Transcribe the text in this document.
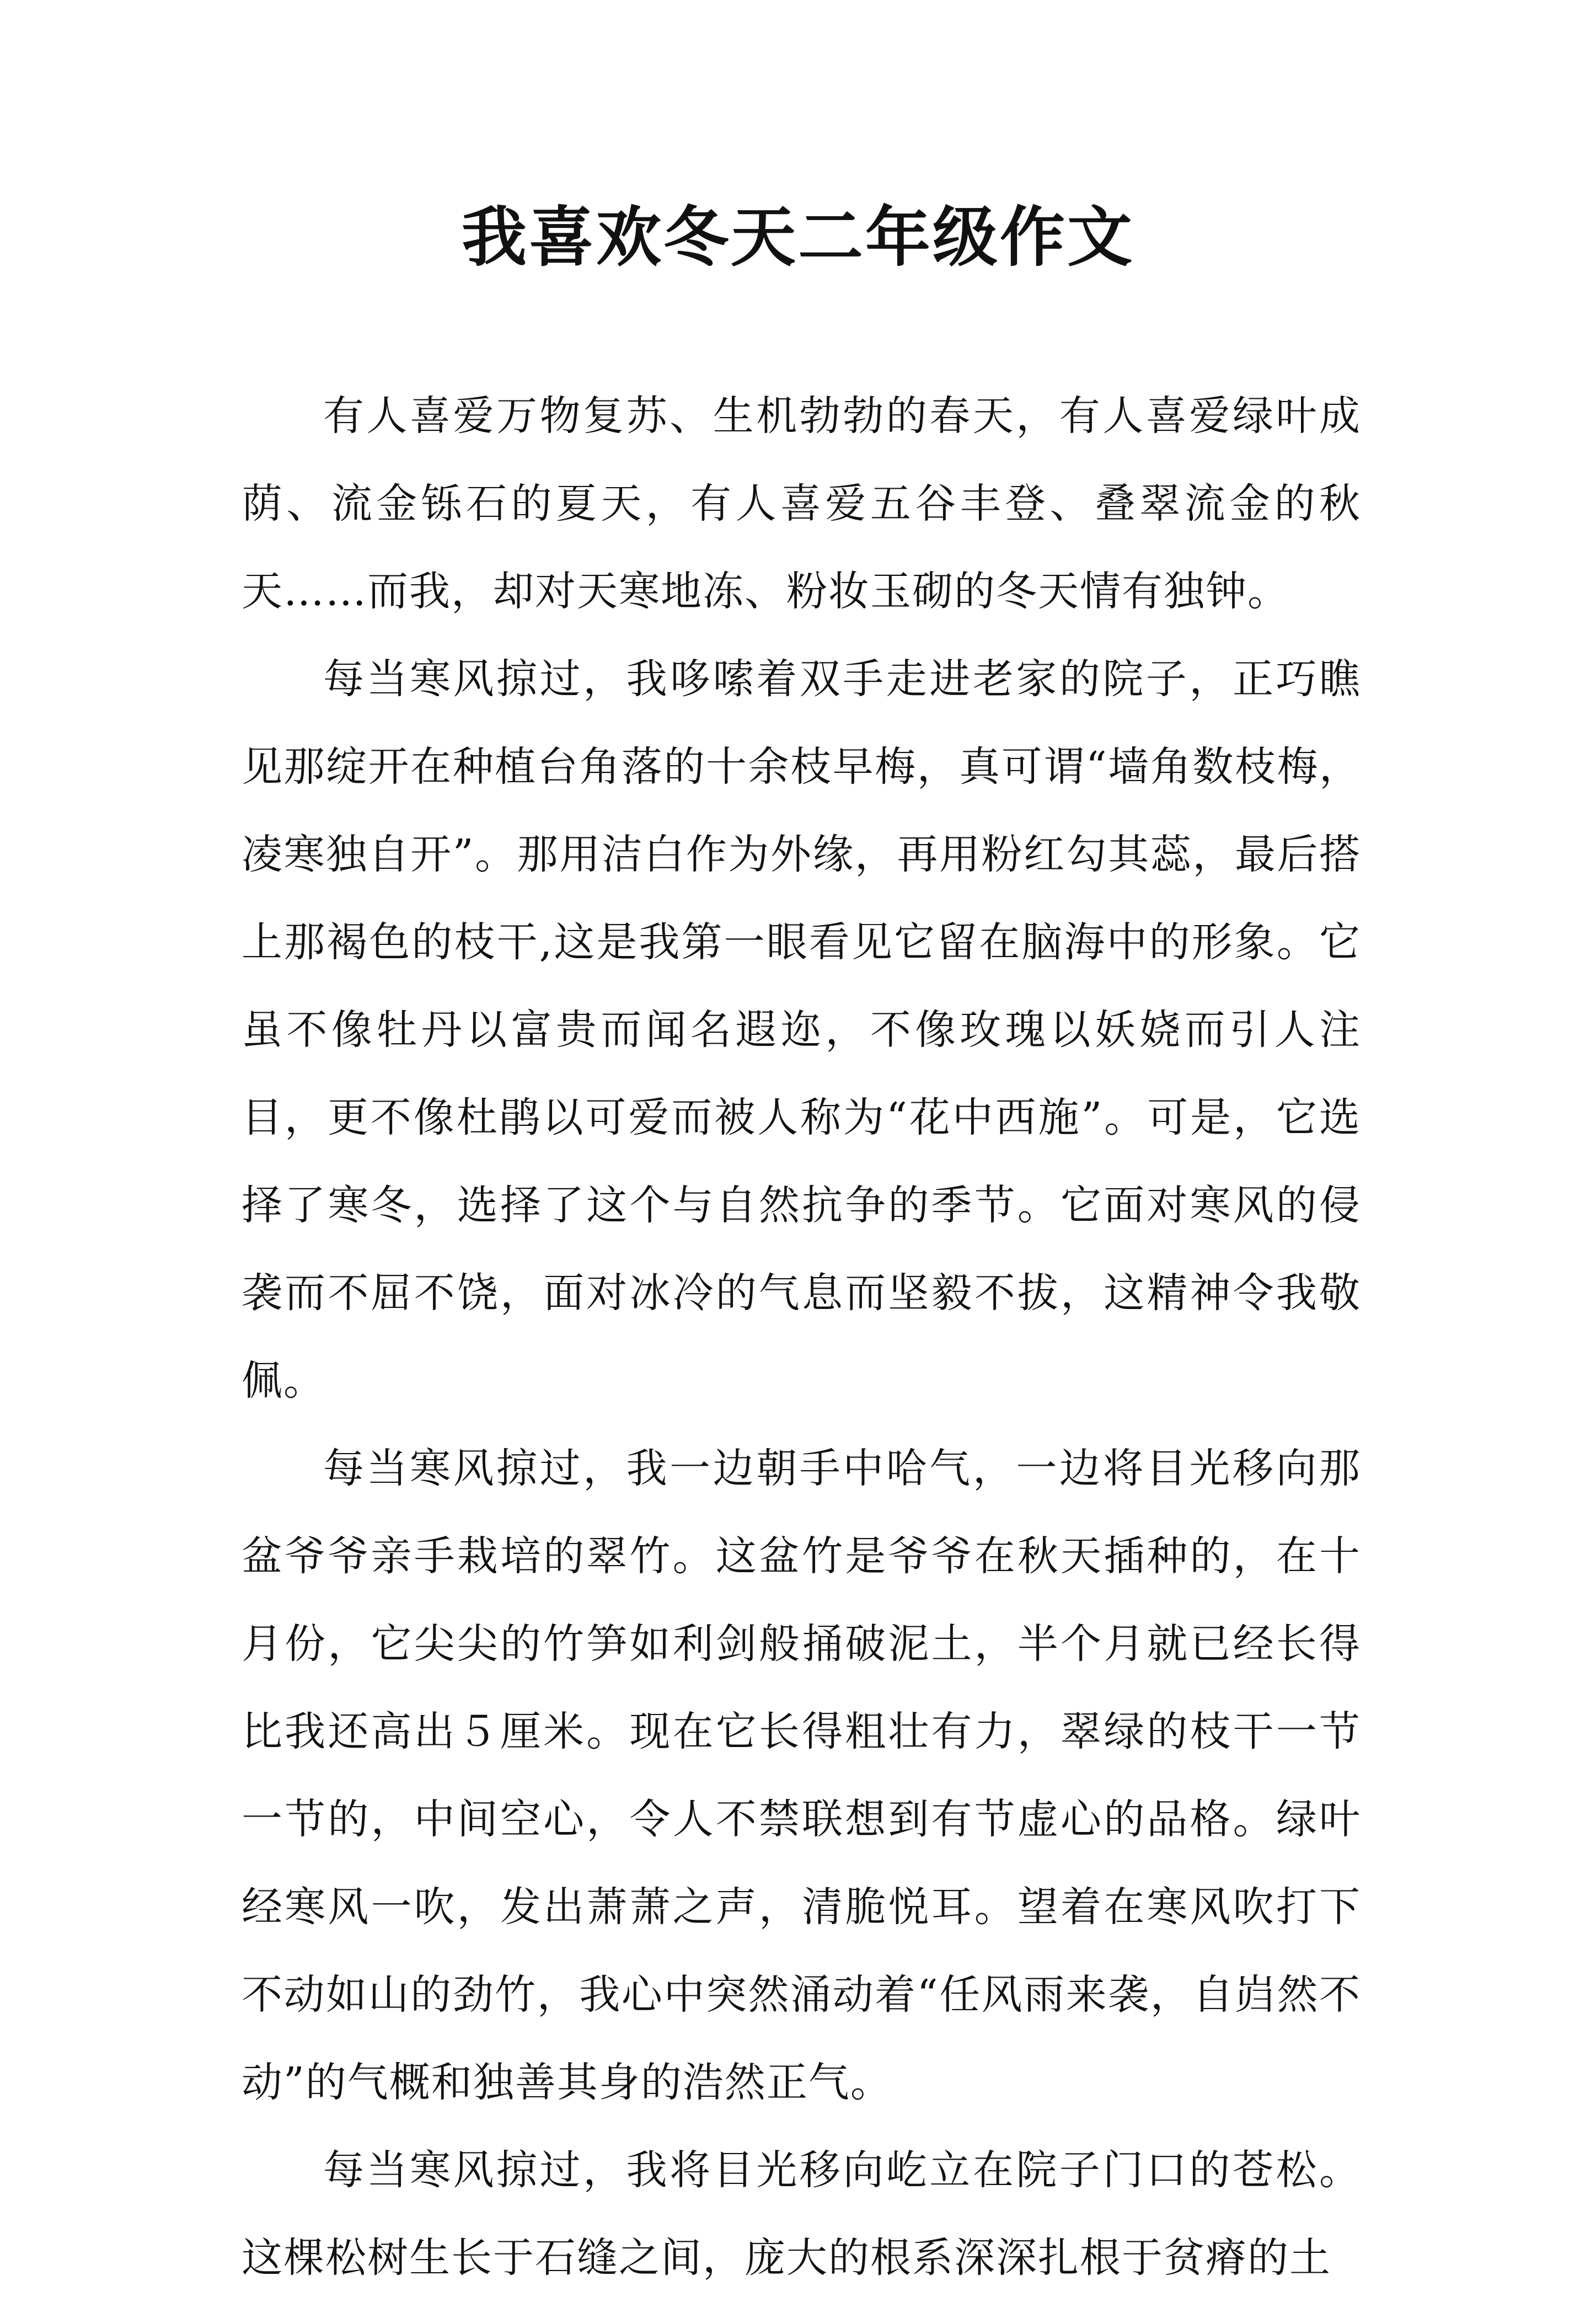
我喜欢冬天二年级作文

有人喜爱万物复苏、生机勃勃的春天，有人喜爱绿叶成荫、流金铄石的夏天，有人喜爱五谷丰登、叠翠流金的秋天……而我，却对天寒地冻、粉妆玉砌的冬天情有独钟。

每当寒风掠过，我哆嗦着双手走进老家的院子，正巧瞧见那绽开在种植台角落的十余枝早梅，真可谓“墙角数枝梅，凌寒独自开”。那用洁白作为外缘，再用粉红勾其蕊，最后搭上那褐色的枝干,这是我第一眼看见它留在脑海中的形象。它虽不像牡丹以富贵而闻名遐迩，不像玫瑰以妖娆而引人注目，更不像杜鹃以可爱而被人称为“花中西施”。可是，它选择了寒冬，选择了这个与自然抗争的季节。它面对寒风的侵袭而不屈不饶，面对冰冷的气息而坚毅不拔，这精神令我敬佩。

每当寒风掠过，我一边朝手中哈气，一边将目光移向那盆爷爷亲手栽培的翠竹。这盆竹是爷爷在秋天插种的，在十月份，它尖尖的竹笋如利剑般捅破泥土，半个月就已经长得比我还高出５厘米。现在它长得粗壮有力，翠绿的枝干一节一节的，中间空心，令人不禁联想到有节虚心的品格。绿叶经寒风一吹，发出萧萧之声，清脆悦耳。望着在寒风吹打下不动如山的劲竹，我心中突然涌动着“任风雨来袭，自岿然不动”的气概和独善其身的浩然正气。

每当寒风掠过，我将目光移向屹立在院子门口的苍松。这棵松树生长于石缝之间，庞大的根系深深扎根于贫瘠的土
